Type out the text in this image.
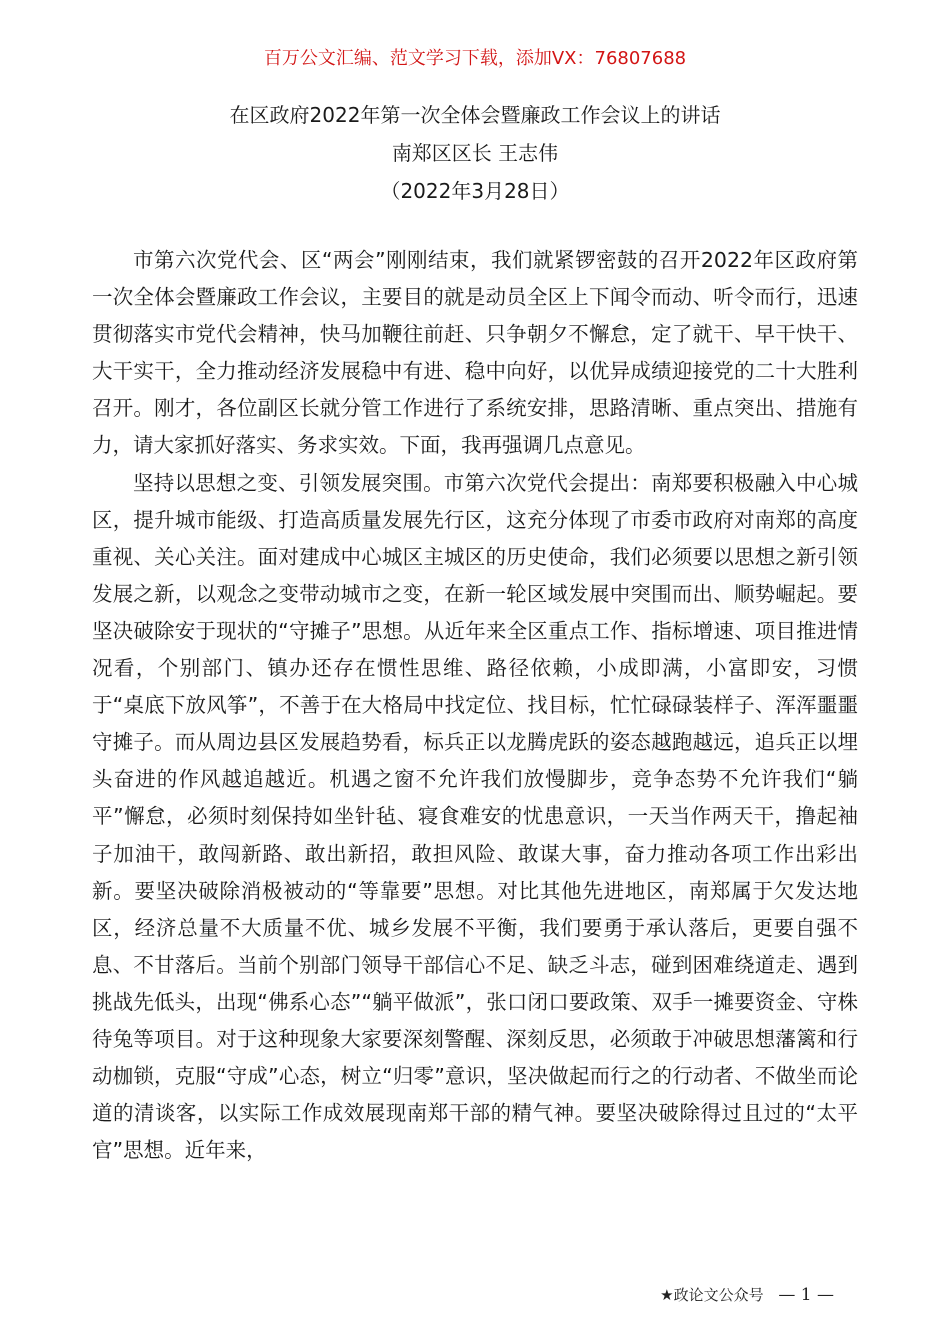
百万公文汇编、范文学习下载，添加VX：76807688
在区政府2022年第一次全体会暨廉政工作会议上的讲话
南郑区区长 王志伟
（2022年3月28日）

市第六次党代会、区“两会”刚刚结束，我们就紧锣密鼓的召开2022年区政府第一次全体会暨廉政工作会议，主要目的就是动员全区上下闻令而动、听令而行，迅速贯彻落实市党代会精神，快马加鞭往前赶、只争朝夕不懈怠，定了就干、早干快干、大干实干，全力推动经济发展稳中有进、稳中向好，以优异成绩迎接党的二十大胜利召开。刚才，各位副区长就分管工作进行了系统安排，思路清晰、重点突出、措施有力，请大家抓好落实、务求实效。下面，我再强调几点意见。

坚持以思想之变、引领发展突围。市第六次党代会提出：南郑要积极融入中心城区，提升城市能级、打造高质量发展先行区，这充分体现了市委市政府对南郑的高度重视、关心关注。面对建成中心城区主城区的历史使命，我们必须要以思想之新引领发展之新，以观念之变带动城市之变，在新一轮区域发展中突围而出、顺势崛起。要坚决破除安于现状的“守摊子”思想。从近年来全区重点工作、指标增速、项目推进情况看，个别部门、镇办还存在惯性思维、路径依赖，小成即满，小富即安，习惯于“桌底下放风筝”，不善于在大格局中找定位、找目标，忙忙碌碌装样子、浑浑噩噩守摊子。而从周边县区发展趋势看，标兵正以龙腾虎跃的姿态越跑越远，追兵正以埋头奋进的作风越追越近。机遇之窗不允许我们放慢脚步，竞争态势不允许我们“躺平”懈怠，必须时刻保持如坐针毡、寝食难安的忧患意识，一天当作两天干，撸起袖子加油干，敢闯新路、敢出新招，敢担风险、敢谋大事，奋力推动各项工作出彩出新。要坚决破除消极被动的“等靠要”思想。对比其他先进地区，南郑属于欠发达地区，经济总量不大质量不优、城乡发展不平衡，我们要勇于承认落后，更要自强不息、不甘落后。当前个别部门领导干部信心不足、缺乏斗志，碰到困难绕道走、遇到挑战先低头，出现“佛系心态”“躺平做派”，张口闭口要政策、双手一摊要资金、守株待兔等项目。对于这种现象大家要深刻警醒、深刻反思，必须敢于冲破思想藩篱和行动枷锁，克服“守成”心态，树立“归零”意识，坚决做起而行之的行动者、不做坐而论道的清谈客，以实际工作成效展现南郑干部的精气神。要坚决破除得过且过的“太平官”思想。近年来，

★政论文公众号 — 1 —
